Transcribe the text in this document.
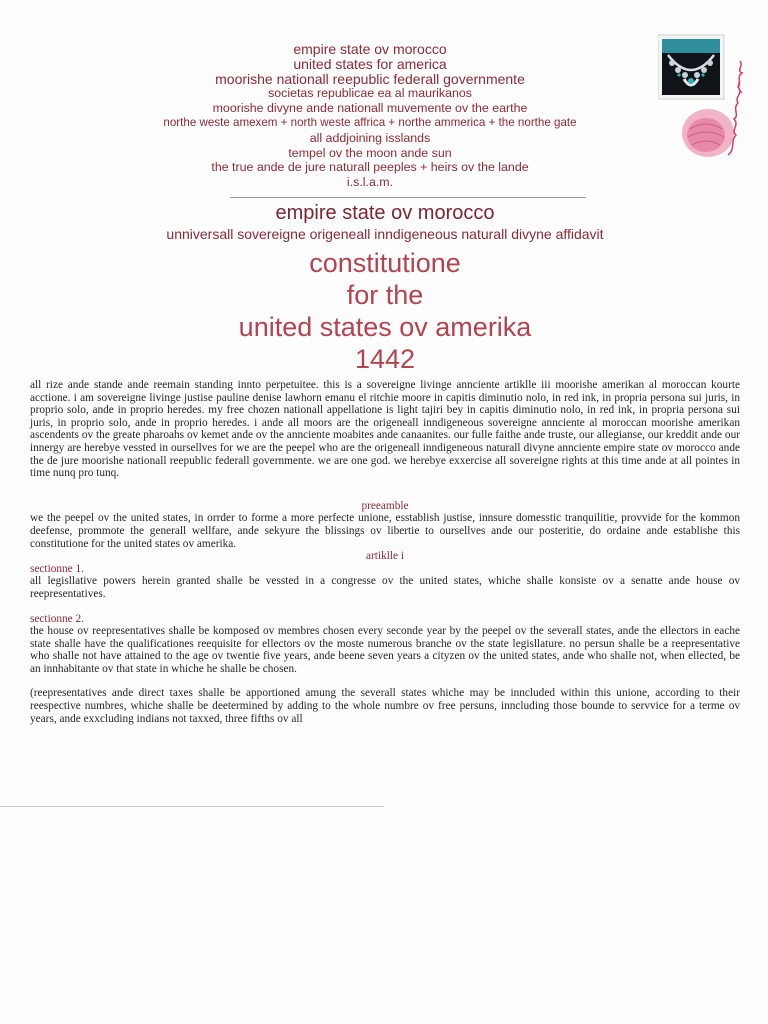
empire state ov morocco
united states for america
moorishe nationall reepublic federall governmente
societas republicae ea al maurikanos
moorishe divyne ande nationall muvemente ov the earthe
northe weste amexem + north weste affrica + northe ammerica + the northe gate
all addjoining isslands
tempel ov the moon ande sun
the true ande de jure naturall peeples + heirs ov the lande
i.s.l.a.m.
empire state ov morocco
unniversall sovereigne origeneall inndigeneous naturall divyne affidavit
constitutione
for the
united states ov amerika
1442

all rize ande stande ande reemain standing innto perpetuitee. this is a sovereigne livinge annciente artiklle iii moorishe amerikan al moroccan kourte acctione. i am sovereigne livinge justise pauline denise lawhorn emanu el ritchie moore in capitis diminutio nolo, in red ink, in propria persona sui juris, in proprio solo, ande in proprio heredes. my free chozen nationall appellatione is light tajiri bey in capitis diminutio nolo, in red ink, in propria persona sui juris, in proprio solo, ande in proprio heredes. i ande all moors are the origeneall inndigeneous sovereigne annciente al moroccan moorishe amerikan ascendents ov the greate pharoahs ov kemet ande ov the annciente moabites ande canaanites. our fulle faithe ande truste, our allegianse, our kreddit ande our innergy are herebye vessted in oursellves for we are the peepel who are the origeneall inndigeneous naturall divyne annciente empire state ov morocco ande the de jure moorishe nationall reepublic federall governmente. we are one god. we herebye exxercise all sovereigne rights at this time ande at all pointes in time nunq pro tunq.

preeamble

we the peepel ov the united states, in orrder to forme a more perfecte unione, esstablish justise, innsure domesstic tranquilitie, provvide for the kommon deefense, prommote the generall wellfare, ande sekyure the blissings ov libertie to oursellves ande our posteritie, do ordaine ande establishe this constitutione for the united states ov amerika.

artiklle i

sectionne 1.

all legisllative powers herein granted shalle be vessted in a congresse ov the united states, whiche shalle konsiste ov a senatte ande house ov reepresentatives.

sectionne 2.

the house ov reepresentatives shalle be komposed ov membres chosen every seconde year by the peepel ov the severall states, ande the ellectors in eache state shalle have the qualificationes reequisite for ellectors ov the moste numerous branche ov the state legisllature. no persun shalle be a reepresentative who shalle not have attained to the age ov twentie five years, ande beene seven years a cityzen ov the united states, ande who shalle not, when ellected, be an innhabitante ov that state in whiche he shalle be chosen.

(reepresentatives ande direct taxes shalle be apportioned amung the severall states whiche may be inncluded within this unione, according to their reespective numbres, whiche shalle be deetermined by adding to the whole numbre ov free persuns, inncluding those bounde to servvice for a terme ov years, ande exxcluding indians not taxxed, three fifths ov all
